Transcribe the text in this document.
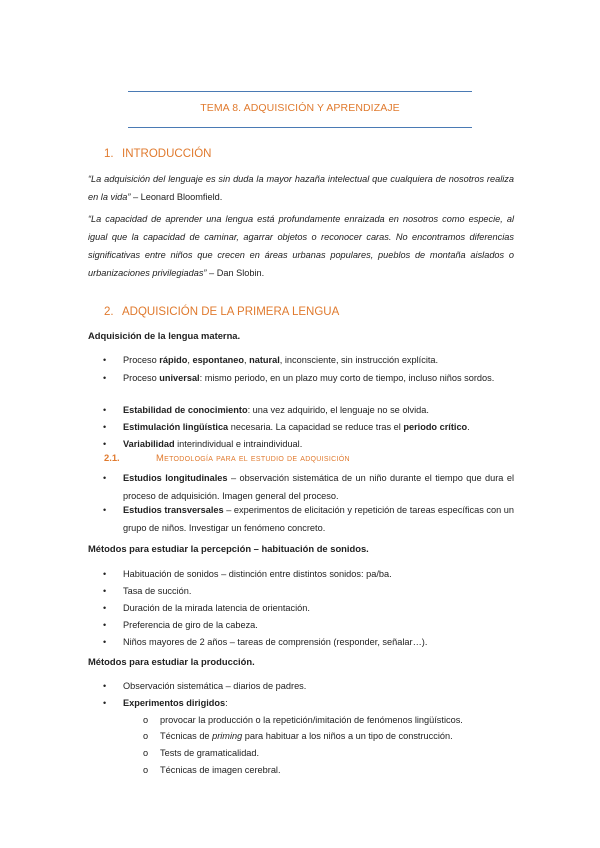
TEMA 8. ADQUISICIÓN Y APRENDIZAJE
1. INTRODUCCIÓN
“La adquisición del lenguaje es sin duda la mayor hazaña intelectual que cualquiera de nosotros realiza en la vida” – Leonard Bloomfield.
“La capacidad de aprender una lengua está profundamente enraizada en nosotros como especie, al igual que la capacidad de caminar, agarrar objetos o reconocer caras. No encontramos diferencias significativas entre niños que crecen en áreas urbanas populares, pueblos de montaña aislados o urbanizaciones privilegiadas” – Dan Slobin.
2. ADQUISICIÓN DE LA PRIMERA LENGUA
Adquisición de la lengua materna.
• Proceso rápido, espontaneo, natural, inconsciente, sin instrucción explícita.
• Proceso universal: mismo periodo, en un plazo muy corto de tiempo, incluso niños sordos.
• Estabilidad de conocimiento: una vez adquirido, el lenguaje no se olvida.
• Estimulación lingüística necesaria. La capacidad se reduce tras el periodo crítico.
• Variabilidad interindividual e intraindividual.
2.1.	Metodología para el estudio de adquisición
• Estudios longitudinales – observación sistemática de un niño durante el tiempo que dura el proceso de adquisición. Imagen general del proceso.
• Estudios transversales – experimentos de elicitación y repetición de tareas específicas con un grupo de niños. Investigar un fenómeno concreto.
Métodos para estudiar la percepción – habituación de sonidos.
• Habituación de sonidos – distinción entre distintos sonidos: pa/ba.
• Tasa de succión.
• Duración de la mirada latencia de orientación.
• Preferencia de giro de la cabeza.
• Niños mayores de 2 años – tareas de comprensión (responder, señalar…).
Métodos para estudiar la producción.
• Observación sistemática – diarios de padres.
• Experimentos dirigidos:
o provocar la producción o la repetición/imitación de fenómenos lingüísticos.
o Técnicas de priming para habituar a los niños a un tipo de construcción.
o Tests de gramaticalidad.
o Técnicas de imagen cerebral.
